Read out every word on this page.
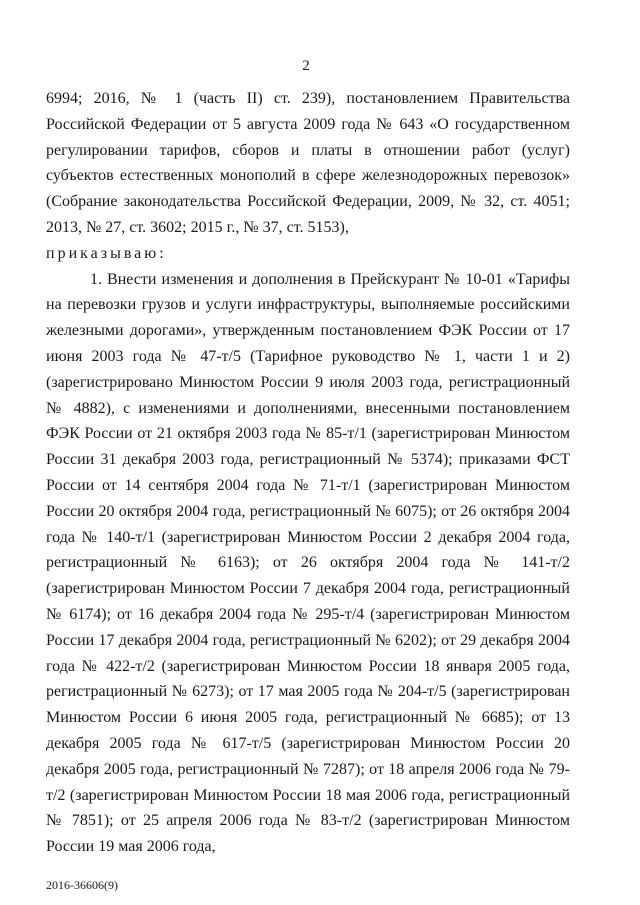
2

6994; 2016, № 1 (часть II) ст. 239), постановлением Правительства Российской Федерации от 5 августа 2009 года № 643 «О государственном регулировании тарифов, сборов и платы в отношении работ (услуг) субъектов естественных монополий в сфере железнодорожных перевозок» (Собрание законодательства Российской Федерации, 2009, № 32, ст. 4051; 2013, № 27, ст. 3602; 2015 г., № 37, ст. 5153),

приказываю:

1. Внести изменения и дополнения в Прейскурант № 10-01 «Тарифы на перевозки грузов и услуги инфраструктуры, выполняемые российскими железными дорогами», утвержденным постановлением ФЭК России от 17 июня 2003 года № 47-т/5 (Тарифное руководство № 1, части 1 и 2) (зарегистрировано Минюстом России 9 июля 2003 года, регистрационный № 4882), с изменениями и дополнениями, внесенными постановлением ФЭК России от 21 октября 2003 года № 85-т/1 (зарегистрирован Минюстом России 31 декабря 2003 года, регистрационный № 5374); приказами ФСТ России от 14 сентября 2004 года № 71-т/1 (зарегистрирован Минюстом России 20 октября 2004 года, регистрационный № 6075); от 26 октября 2004 года № 140-т/1 (зарегистрирован Минюстом России 2 декабря 2004 года, регистрационный № 6163); от 26 октября 2004 года № 141-т/2 (зарегистрирован Минюстом России 7 декабря 2004 года, регистрационный № 6174); от 16 декабря 2004 года № 295-т/4 (зарегистрирован Минюстом России 17 декабря 2004 года, регистрационный № 6202); от 29 декабря 2004 года № 422-т/2 (зарегистрирован Минюстом России 18 января 2005 года, регистрационный № 6273); от 17 мая 2005 года № 204-т/5 (зарегистрирован Минюстом России 6 июня 2005 года, регистрационный № 6685); от 13 декабря 2005 года № 617-т/5 (зарегистрирован Минюстом России 20 декабря 2005 года, регистрационный № 7287); от 18 апреля 2006 года № 79-т/2 (зарегистрирован Минюстом России 18 мая 2006 года, регистрационный № 7851); от 25 апреля 2006 года № 83-т/2 (зарегистрирован Минюстом России 19 мая 2006 года,

2016-36606(9)
